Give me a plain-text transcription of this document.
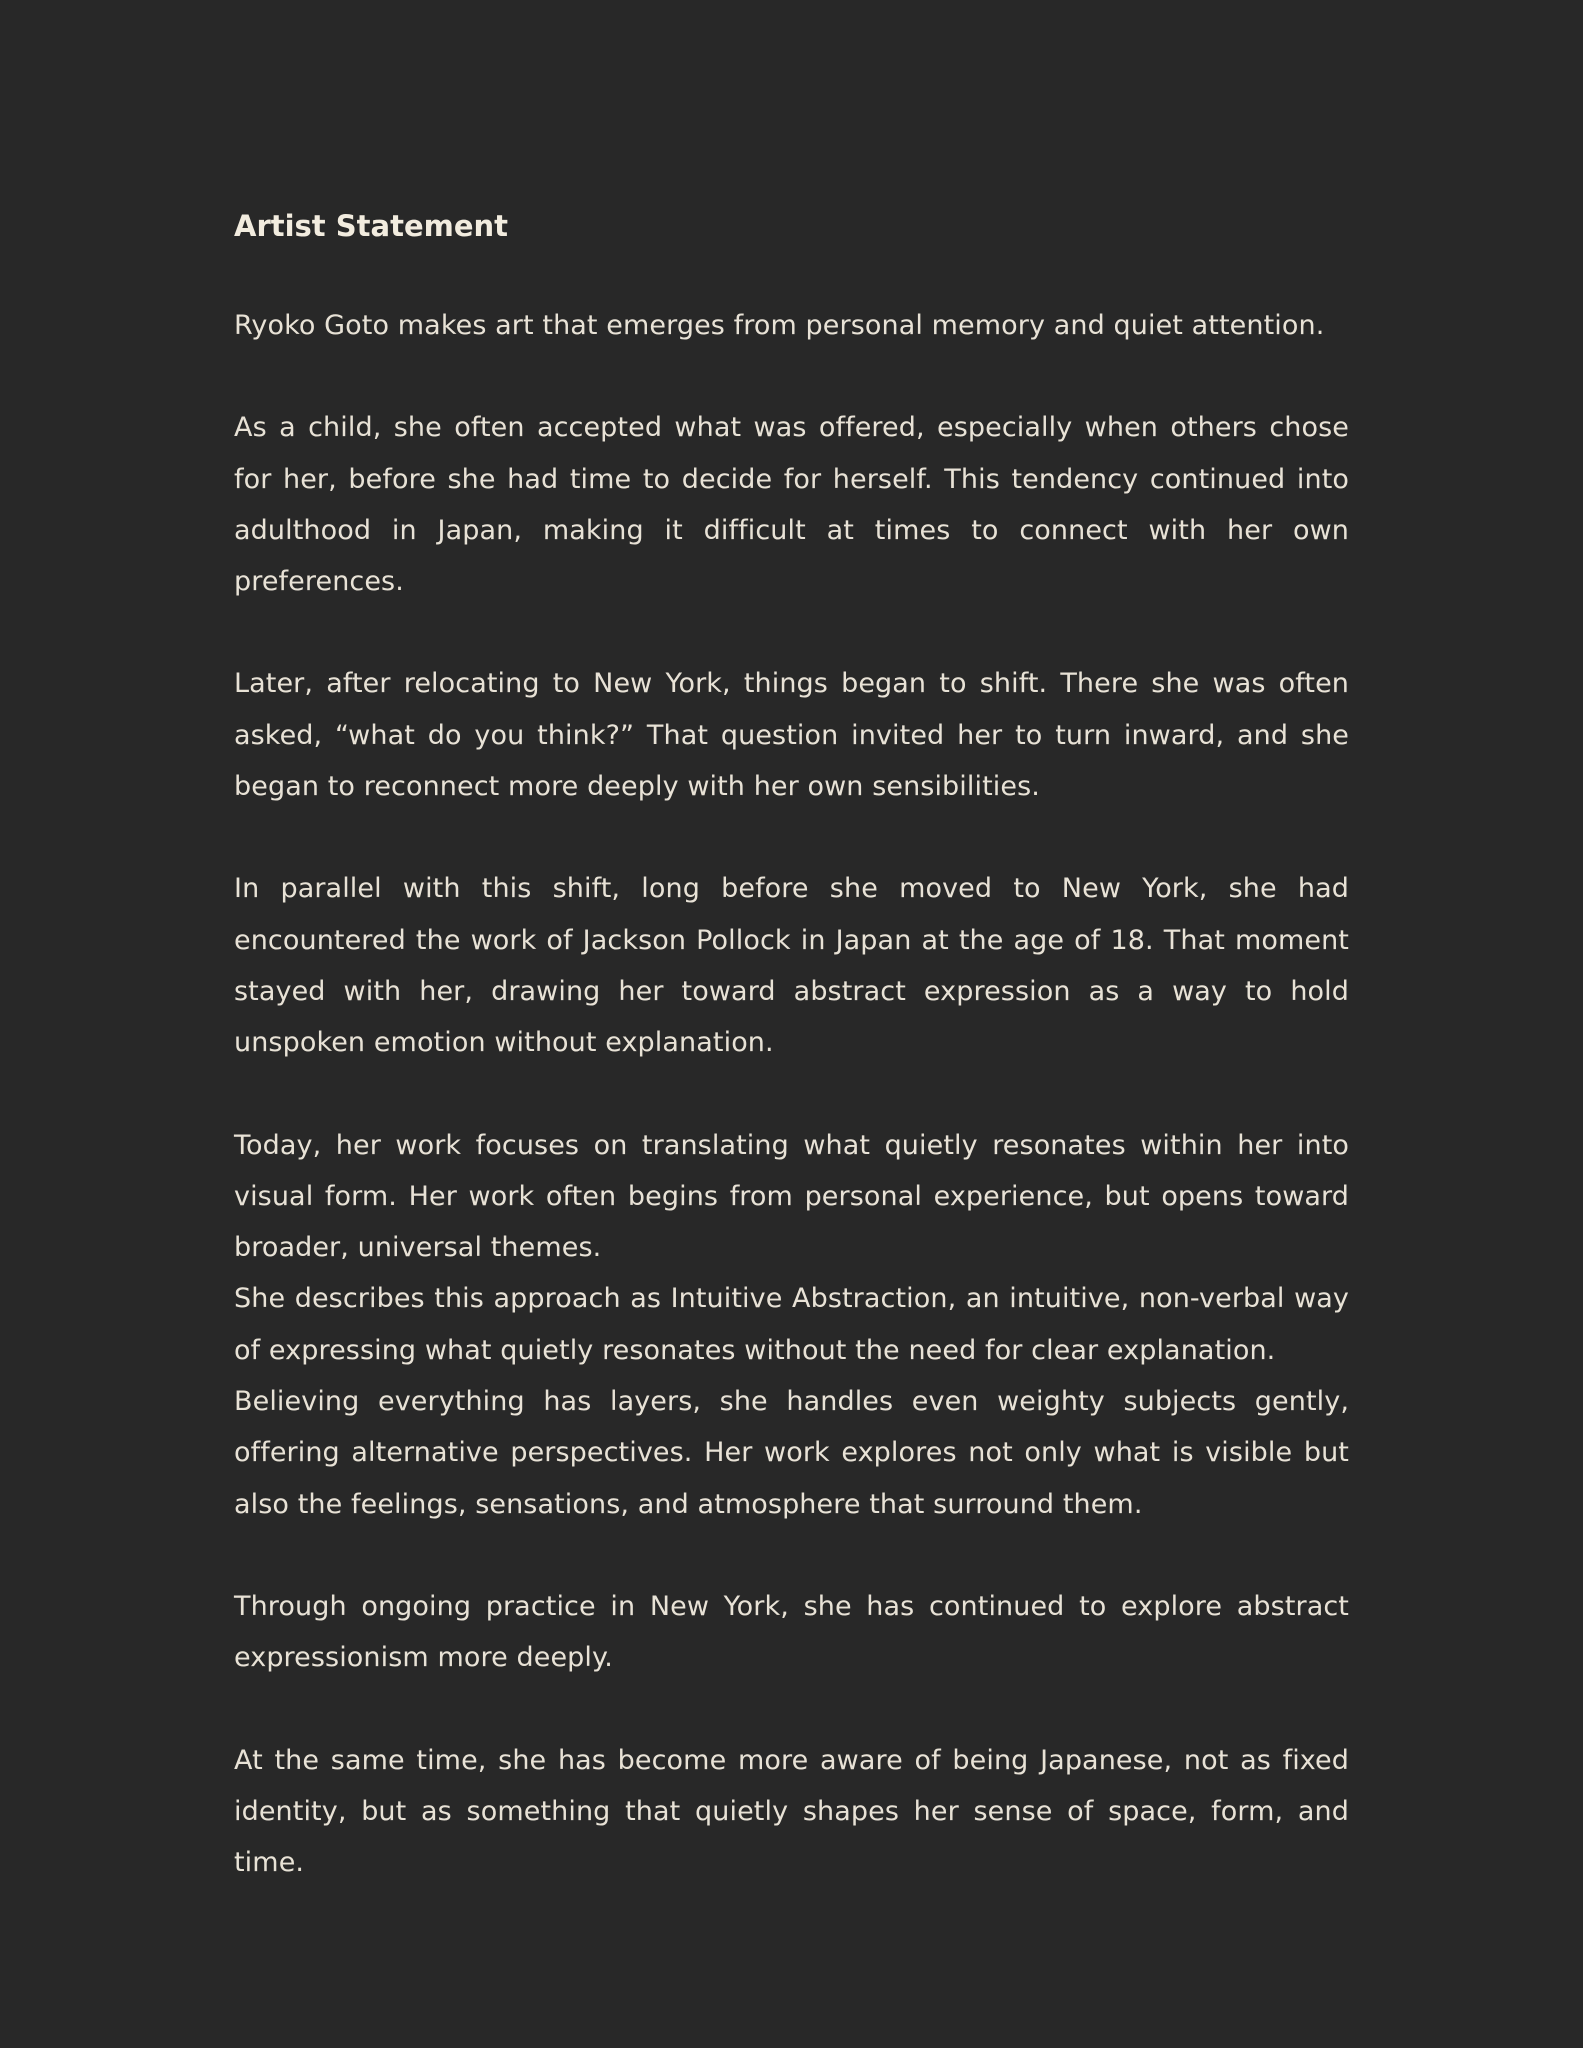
Artist Statement

Ryoko Goto makes art that emerges from personal memory and quiet attention.

As a child, she often accepted what was offered, especially when others chose for her, before she had time to decide for herself. This tendency continued into adulthood in Japan, making it difficult at times to connect with her own preferences.

Later, after relocating to New York, things began to shift. There she was often asked, “what do you think?” That question invited her to turn inward, and she began to reconnect more deeply with her own sensibilities.

In parallel with this shift, long before she moved to New York, she had encountered the work of Jackson Pollock in Japan at the age of 18. That moment stayed with her, drawing her toward abstract expression as a way to hold unspoken emotion without explanation.

Today, her work focuses on translating what quietly resonates within her into visual form. Her work often begins from personal experience, but opens toward broader, universal themes.

She describes this approach as Intuitive Abstraction, an intuitive, non-verbal way of expressing what quietly resonates without the need for clear explanation.

Believing everything has layers, she handles even weighty subjects gently, offering alternative perspectives. Her work explores not only what is visible but also the feelings, sensations, and atmosphere that surround them.

Through ongoing practice in New York, she has continued to explore abstract expressionism more deeply.

At the same time, she has become more aware of being Japanese, not as fixed identity, but as something that quietly shapes her sense of space, form, and time.
